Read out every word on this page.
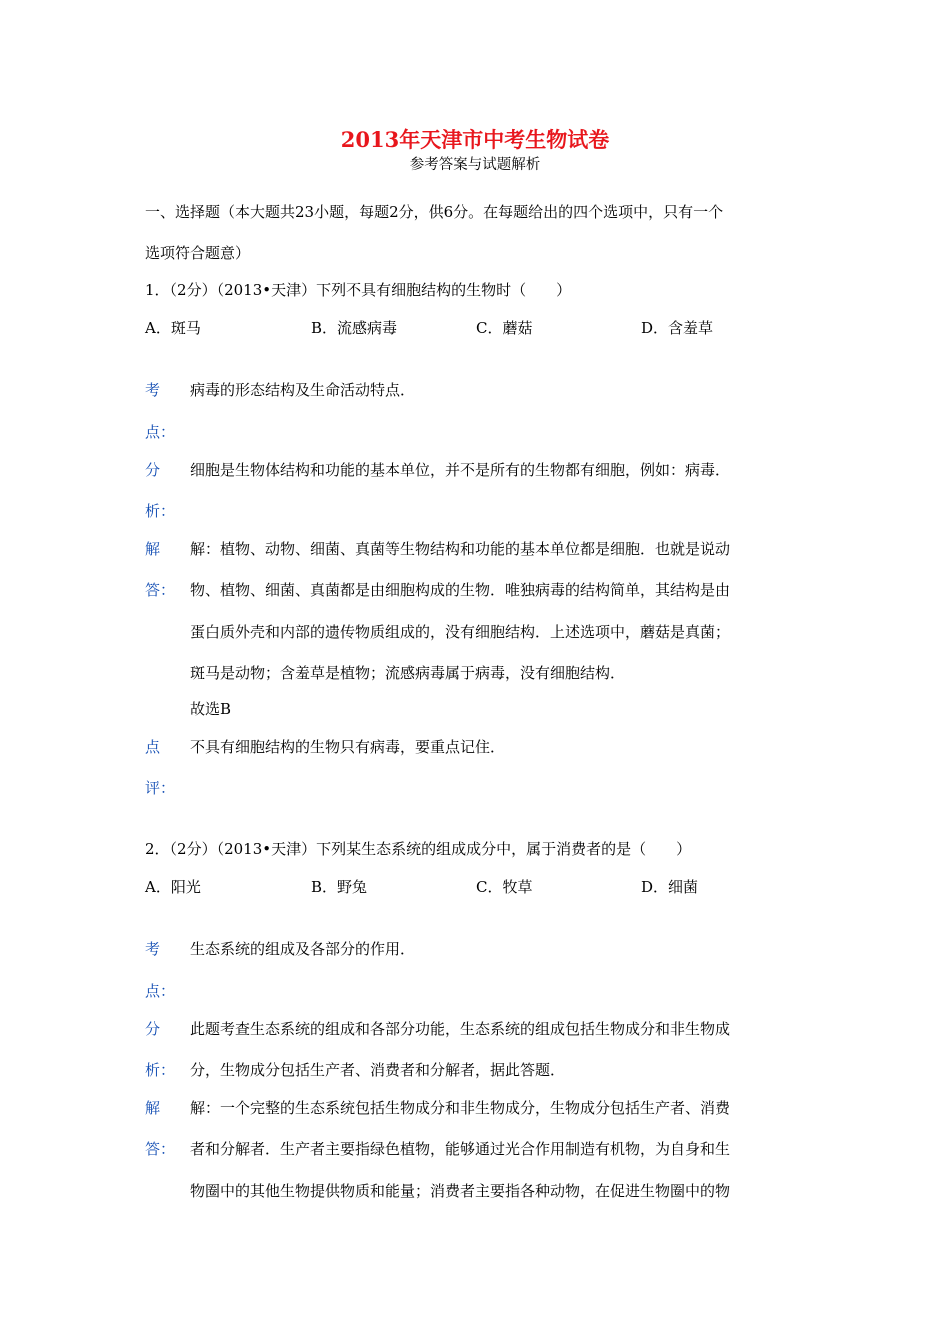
2013年天津市中考生物试卷
参考答案与试题解析
一、选择题（本大题共23小题，每题2分，供6分。在每题给出的四个选项中，只有一个
选项符合题意）
1．（2分）（2013•天津）下列不具有细胞结构的生物时（　　）
A．斑马	B．流感病毒	C．蘑菇	D．含羞草
考
点：
病毒的形态结构及生命活动特点．
分
析：
细胞是生物体结构和功能的基本单位，并不是所有的生物都有细胞，例如：病毒．
解
答：
解：植物、动物、细菌、真菌等生物结构和功能的基本单位都是细胞．也就是说动
物、植物、细菌、真菌都是由细胞构成的生物．唯独病毒的结构简单，其结构是由
蛋白质外壳和内部的遗传物质组成的，没有细胞结构．上述选项中，蘑菇是真菌；
斑马是动物；含羞草是植物；流感病毒属于病毒，没有细胞结构．
故选B
点
评：
不具有细胞结构的生物只有病毒，要重点记住．
2．（2分）（2013•天津）下列某生态系统的组成成分中，属于消费者的是（　　）
A．阳光	B．野兔	C．牧草	D．细菌
考
点：
生态系统的组成及各部分的作用．
分
析：
此题考查生态系统的组成和各部分功能，生态系统的组成包括生物成分和非生物成
分，生物成分包括生产者、消费者和分解者，据此答题．
解
答：
解：一个完整的生态系统包括生物成分和非生物成分，生物成分包括生产者、消费
者和分解者．生产者主要指绿色植物，能够通过光合作用制造有机物，为自身和生
物圈中的其他生物提供物质和能量；消费者主要指各种动物，在促进生物圈中的物
